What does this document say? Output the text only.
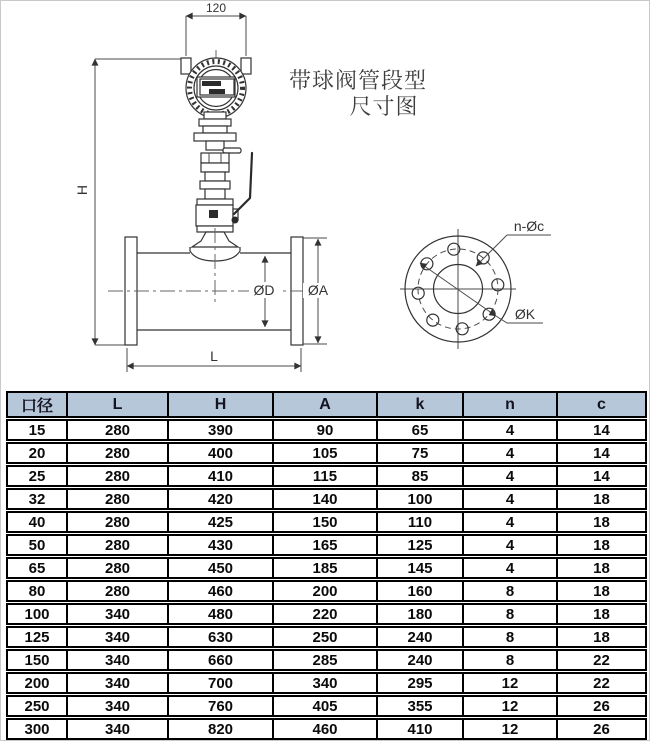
120
H
ØD ØA
L
ØK
n-Øc
带球阀管段型
尺寸图
口径	L	H	A	k	n	c
15	280	390	90	65	4	14
20	280	400	105	75	4	14
25	280	410	115	85	4	14
32	280	420	140	100	4	18
40	280	425	150	110	4	18
50	280	430	165	125	4	18
65	280	450	185	145	4	18
80	280	460	200	160	8	18
100	340	480	220	180	8	18
125	340	630	250	240	8	18
150	340	660	285	240	8	22
200	340	700	340	295	12	22
250	340	760	405	355	12	26
300	340	820	460	410	12	26
